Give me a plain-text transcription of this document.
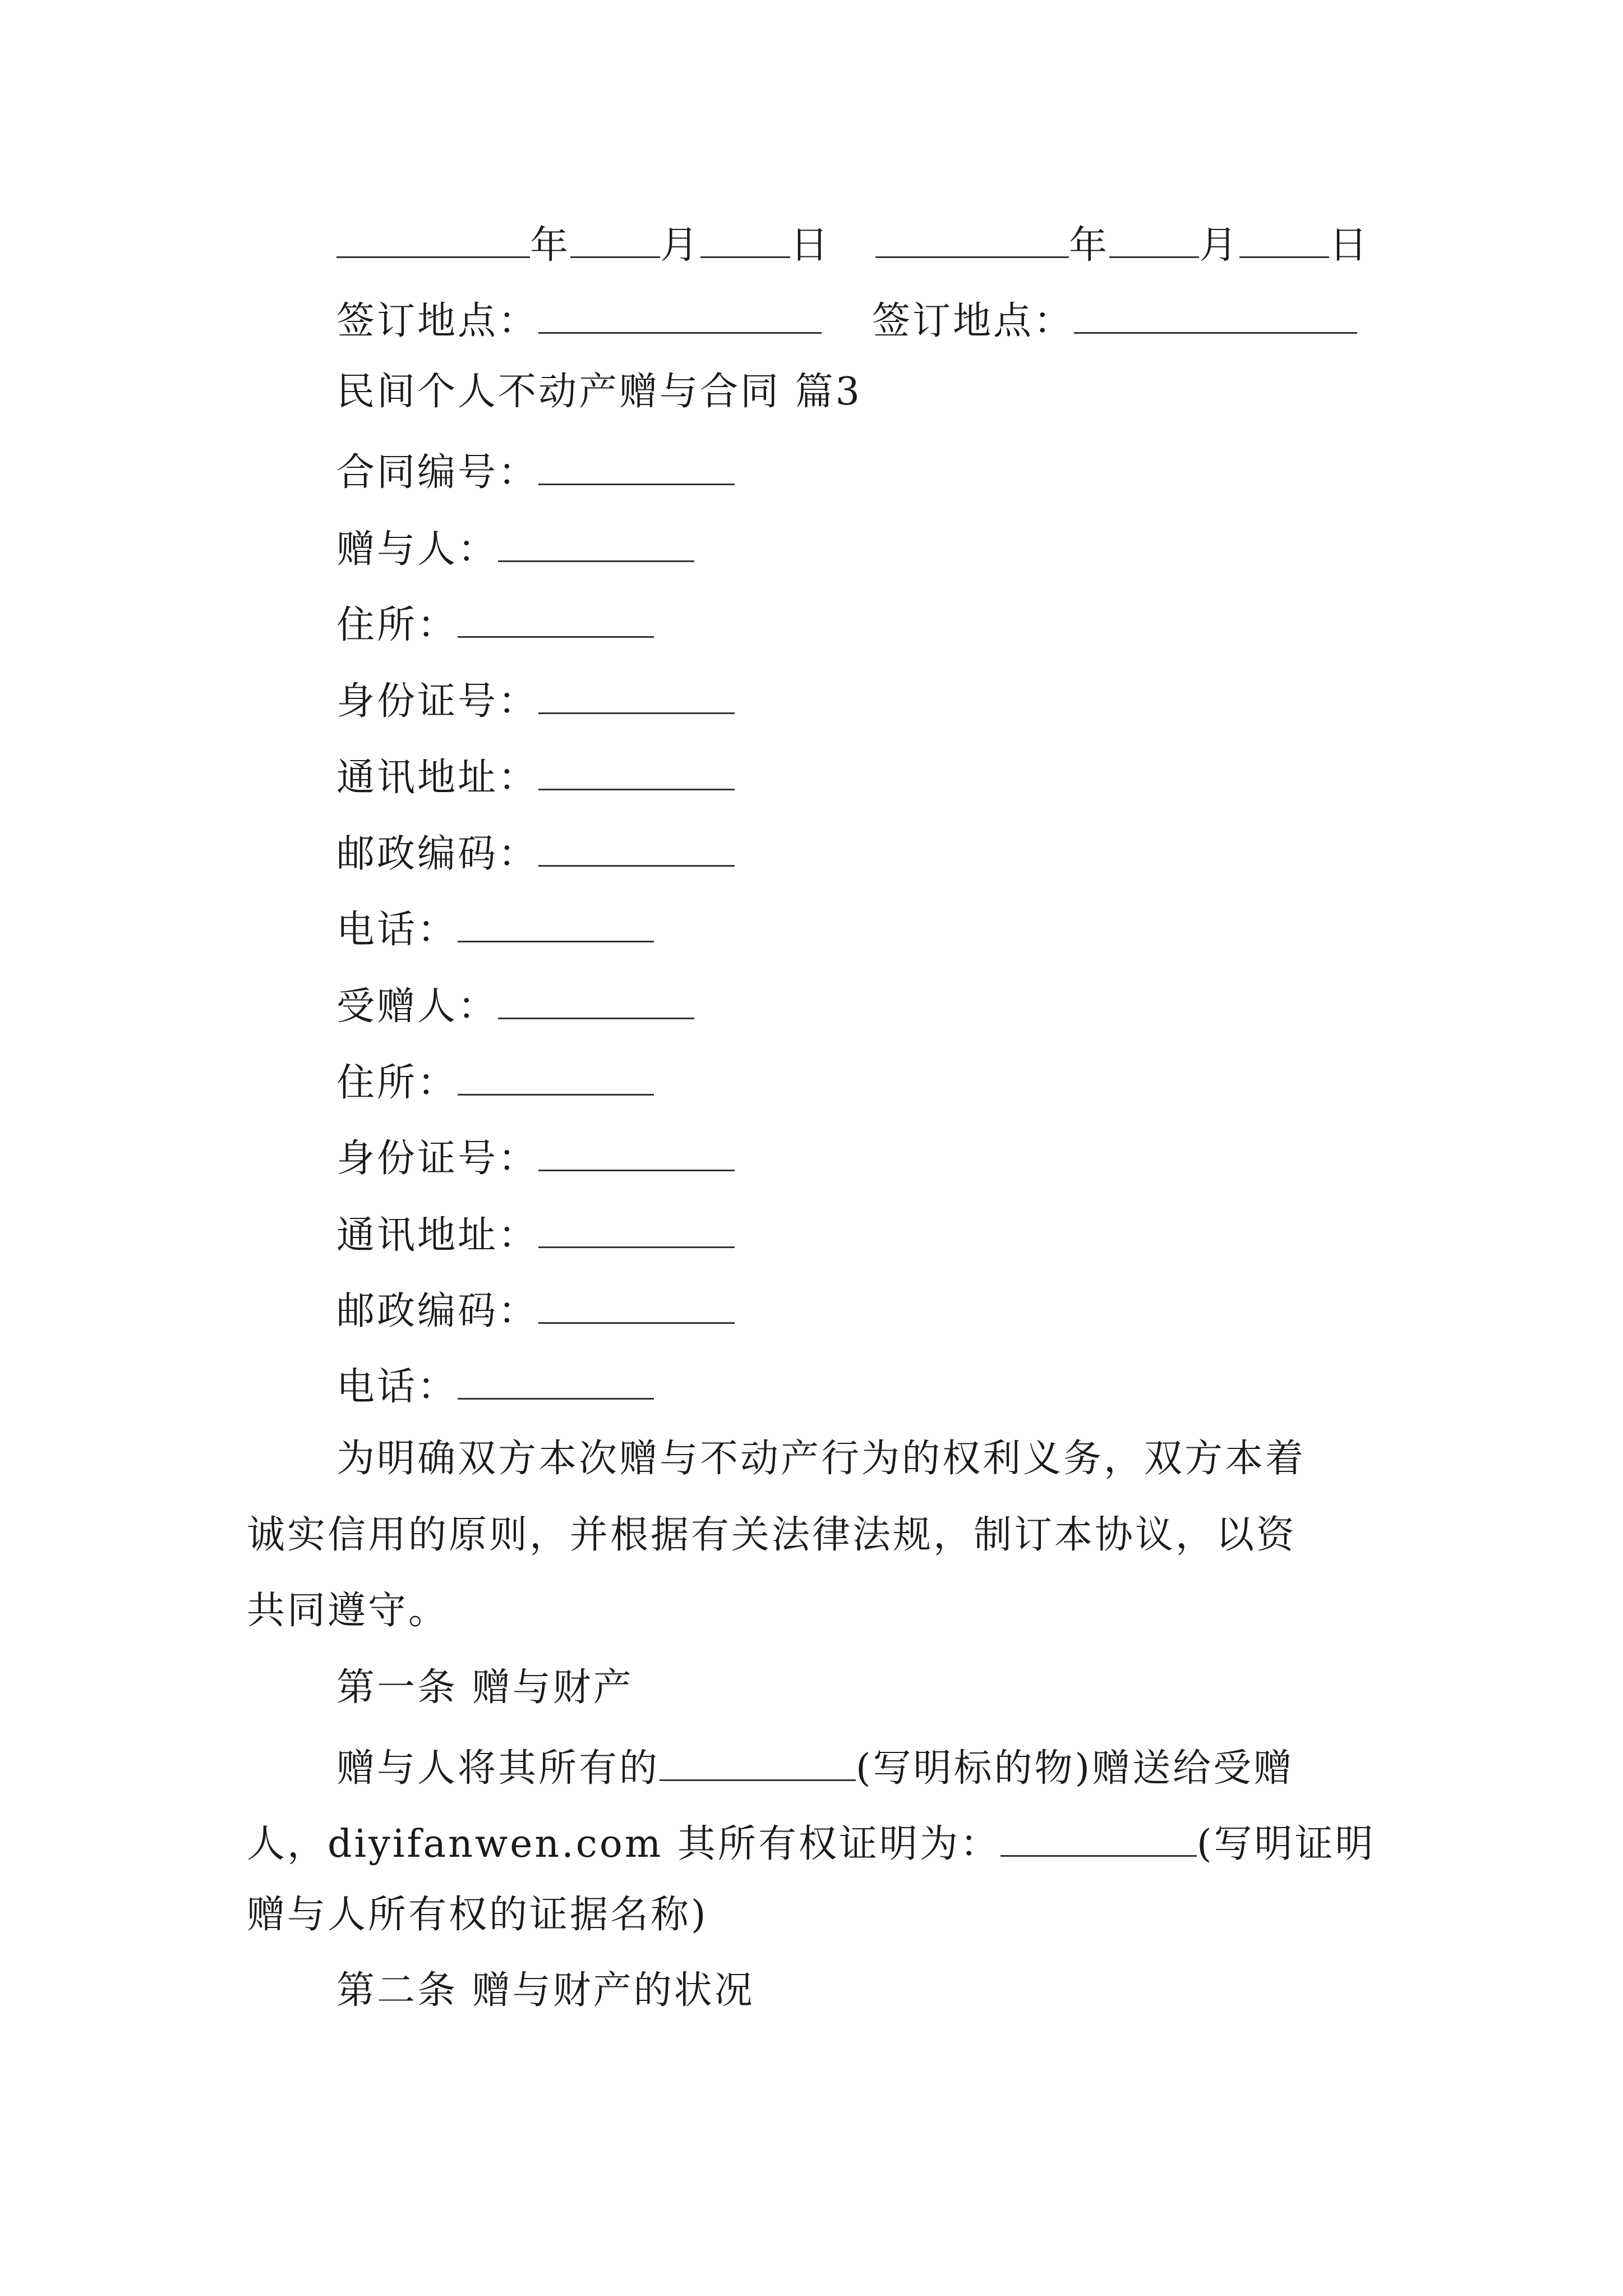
年 月 日	年 月 日
签订地点：	签订地点：
民间个人不动产赠与合同 篇3
合同编号：
赠与人：
住所：
身份证号：
通讯地址：
邮政编码：
电话：
受赠人：
住所：
身份证号：
通讯地址：
邮政编码：
电话：
为明确双方本次赠与不动产行为的权利义务，双方本着
诚实信用的原则，并根据有关法律法规，制订本协议，以资
共同遵守。
第一条 赠与财产
赠与人将其所有的	(写明标的物)赠送给受赠
人，diyifanwen.com 其所有权证明为：	(写明证明
赠与人所有权的证据名称)
第二条 赠与财产的状况
